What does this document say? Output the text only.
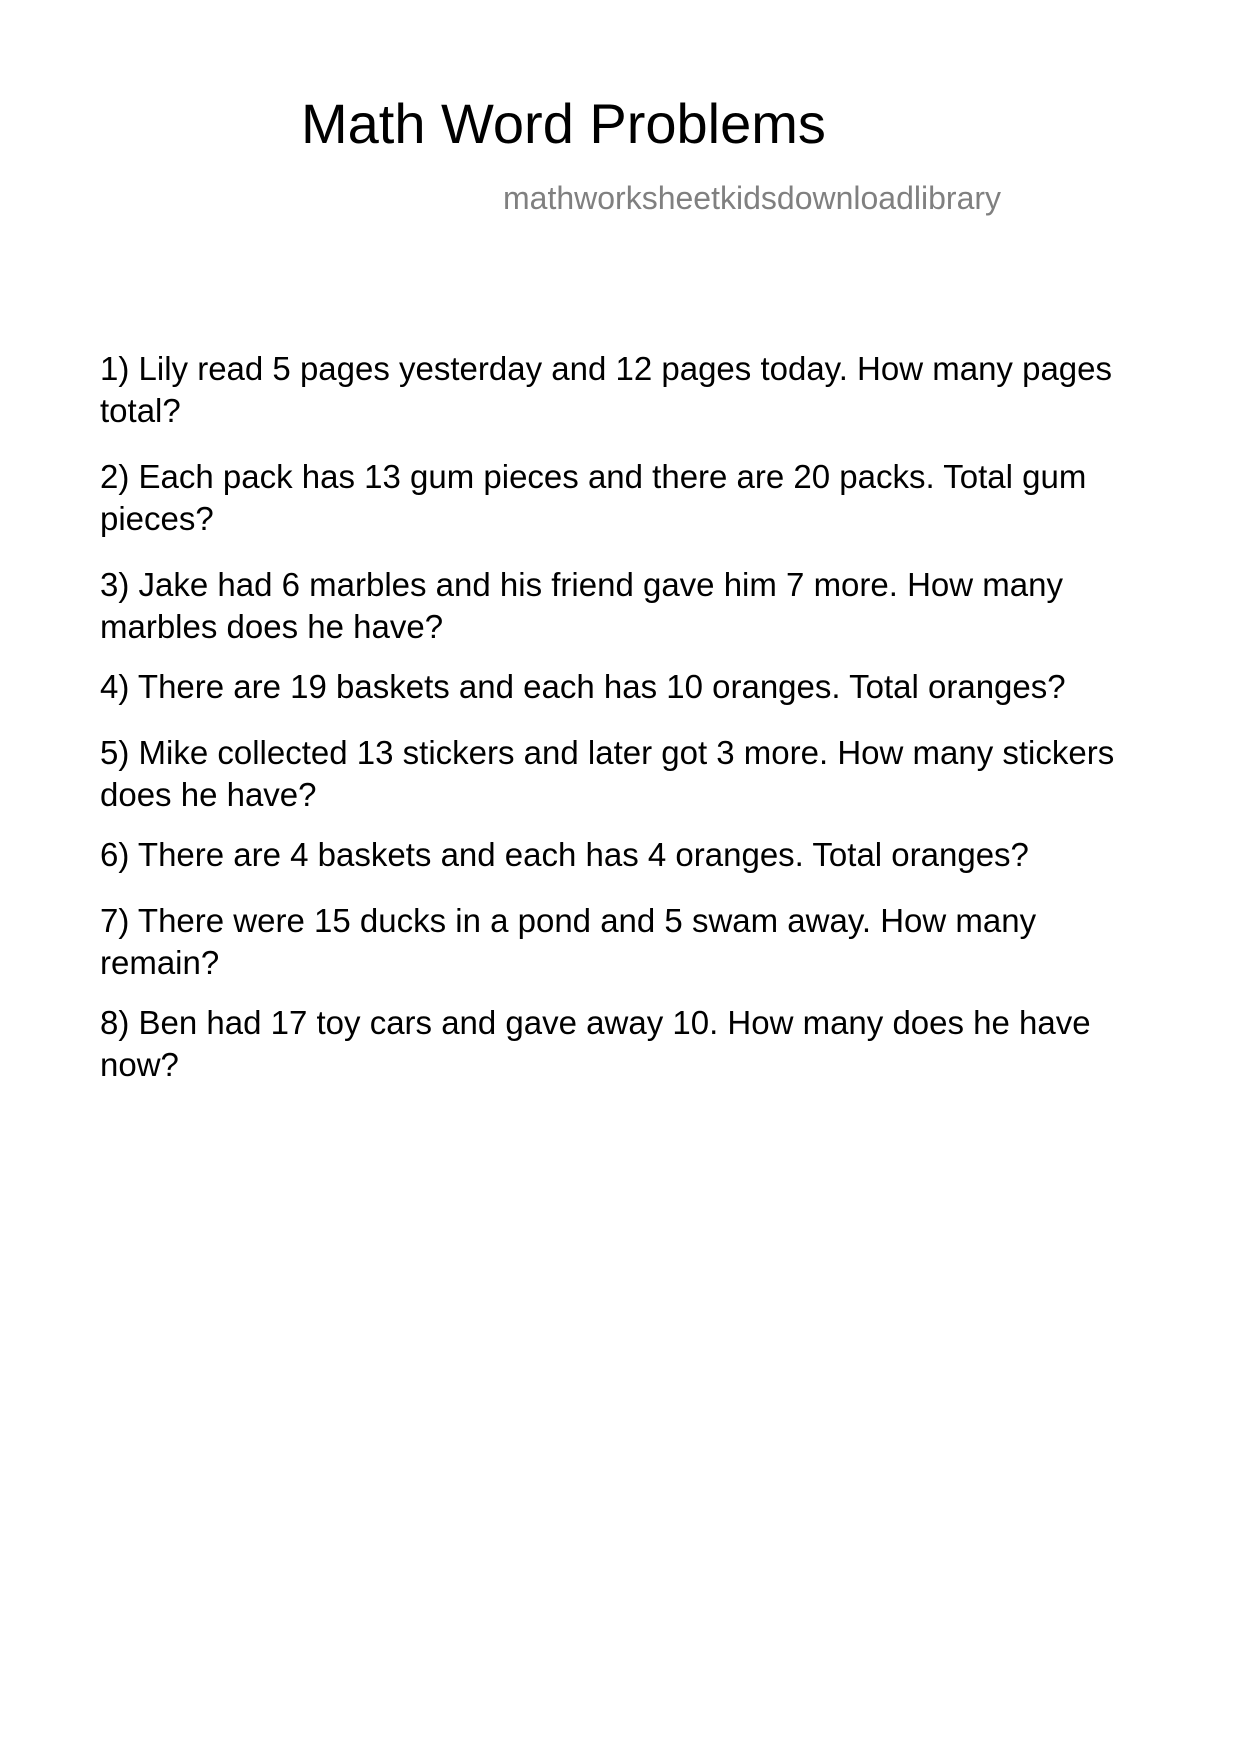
Math Word Problems
mathworksheetkidsdownloadlibrary
1) Lily read 5 pages yesterday and 12 pages today. How many pages total?
2) Each pack has 13 gum pieces and there are 20 packs. Total gum pieces?
3) Jake had 6 marbles and his friend gave him 7 more. How many marbles does he have?
4) There are 19 baskets and each has 10 oranges. Total oranges?
5) Mike collected 13 stickers and later got 3 more. How many stickers does he have?
6) There are 4 baskets and each has 4 oranges. Total oranges?
7) There were 15 ducks in a pond and 5 swam away. How many remain?
8) Ben had 17 toy cars and gave away 10. How many does he have now?
